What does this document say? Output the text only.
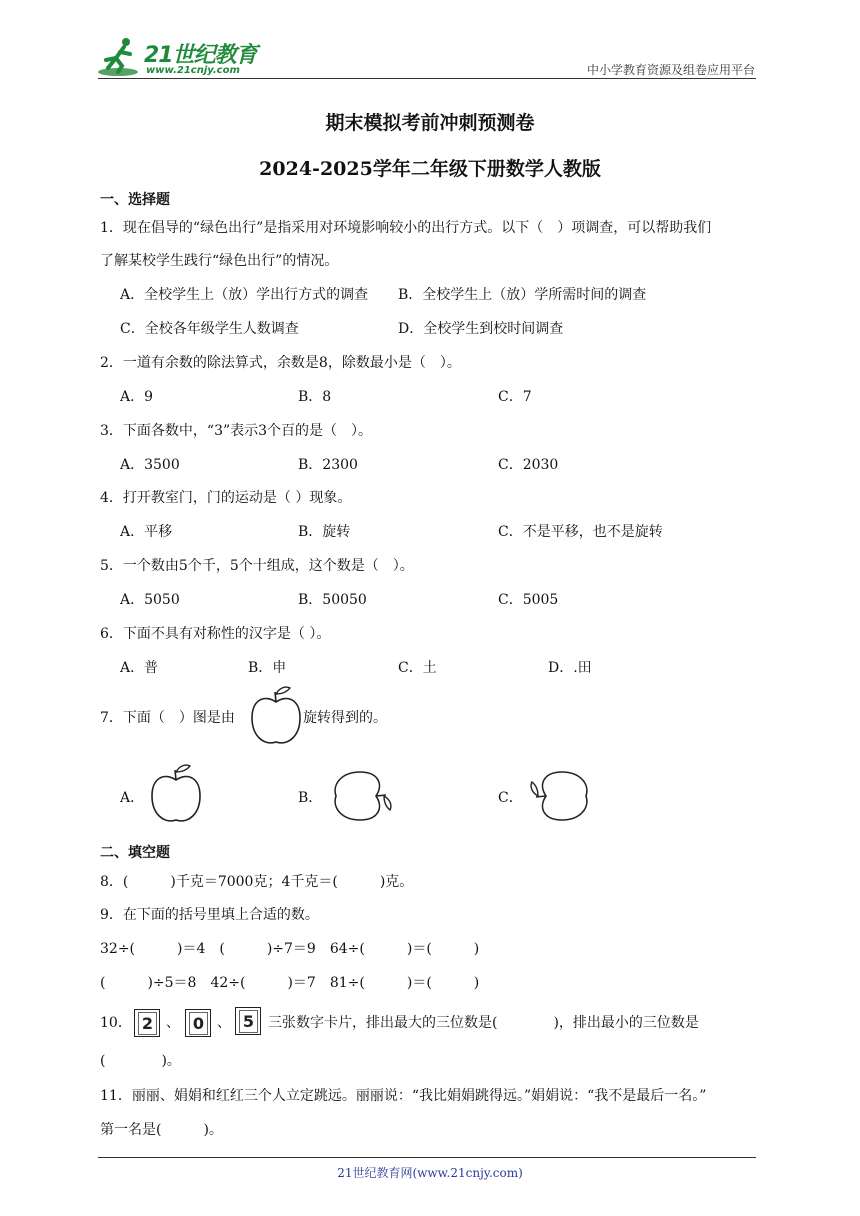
21世纪教育
www.21cnjy.com	中小学教育资源及组卷应用平台
期末模拟考前冲刺预测卷
2024-2025学年二年级下册数学人教版
一、选择题
1．现在倡导的“绿色出行”是指采用对环境影响较小的出行方式。以下（　）项调查，可以帮助我们
了解某校学生践行“绿色出行”的情况。
A．全校学生上（放）学出行方式的调查 B．全校学生上（放）学所需时间的调查
C．全校各年级学生人数调查	D．全校学生到校时间调查
2．一道有余数的除法算式，余数是8，除数最小是（　）。
A．9	B．8	C．7
3．下面各数中，“3”表示3个百的是（　）。
A．3500	B．2300	C．2030
4．打开教室门，门的运动是（ ）现象。
A．平移	B．旋转	C．不是平移，也不是旋转
5．一个数由5个千，5个十组成，这个数是（　）。
A．5050	B．50050	C．5005
6．下面不具有对称性的汉字是（ ）。
A．普	B．申	C．土	D．.田
7．下面（　）图是由	旋转得到的。
A．	B．	C．
二、填空题
8．(　　　)千克＝7000克；4千克＝(　　　)克。
9．在下面的括号里填上合适的数。
32÷(　　　)＝4　(　　　)÷7＝9　64÷(　　　)＝(　　　)
(　　　)÷5＝8　42÷(　　　)＝7　81÷(　　　)＝(　　　)
10． 2 、 0 、 5 三张数字卡片，排出最大的三位数是(　　　　)，排出最小的三位数是
(　　　　)。
11．丽丽、娟娟和红红三个人立定跳远。丽丽说：“我比娟娟跳得远。”娟娟说：“我不是最后一名。”
第一名是(　　　)。
21世纪教育网(www.21cnjy.com)
